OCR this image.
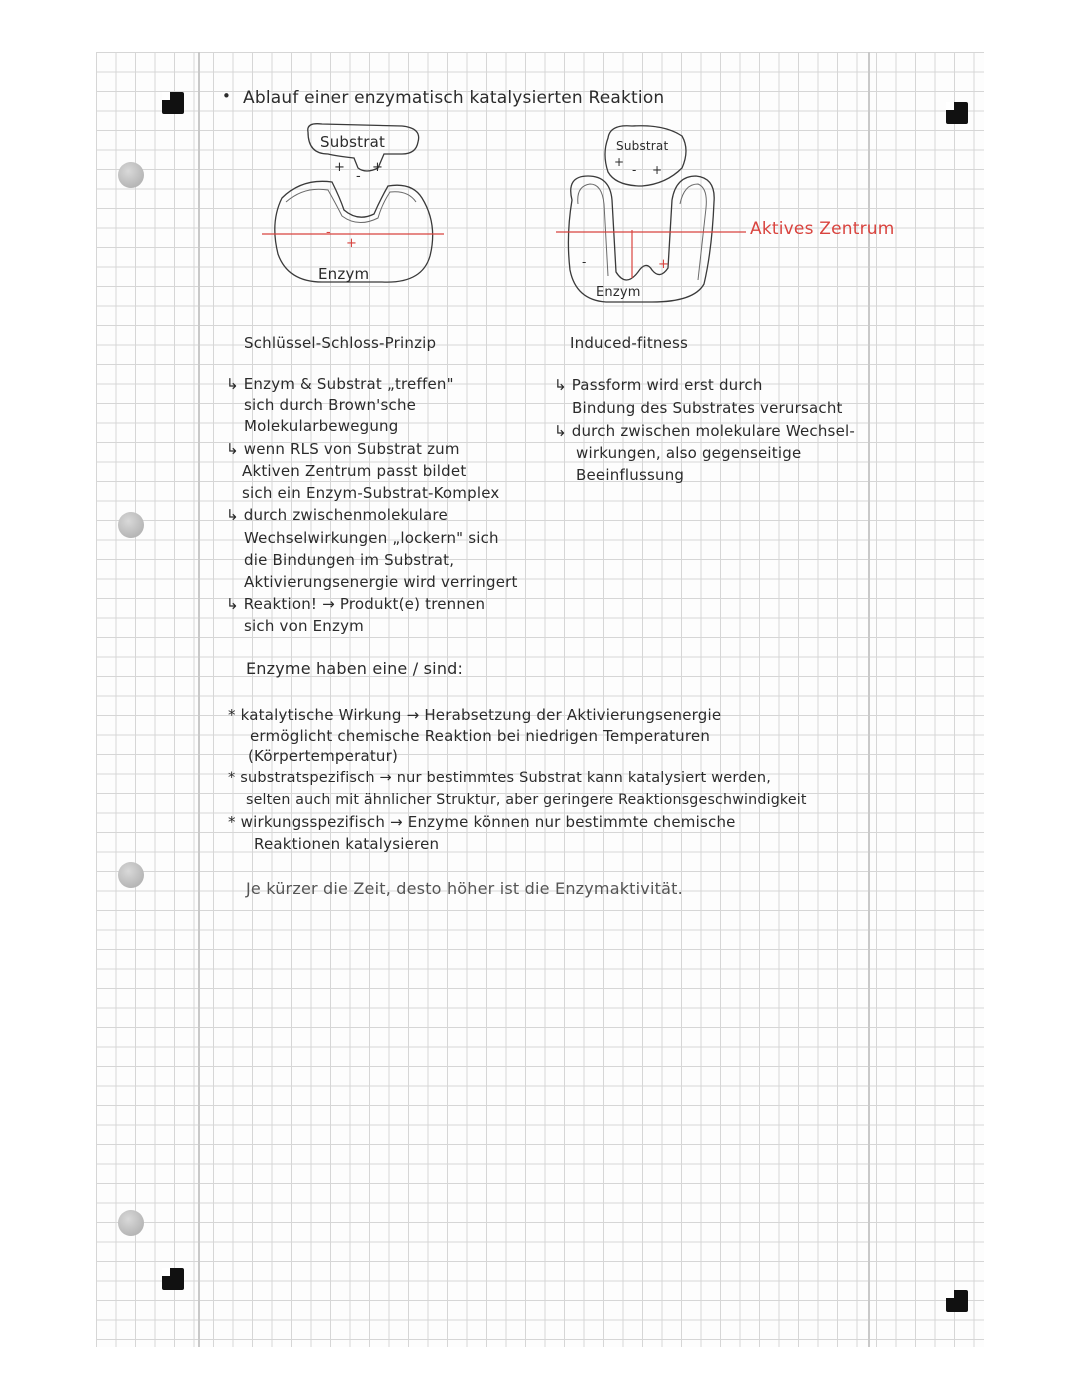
• Ablauf einer enzymatisch katalysierten Reaktion
Substrat
+
-
+
-
+
Enzym
Substrat
+
- +
-	+
Enzym
Aktives Zentrum
Schlüssel-Schloss-Prinzip	Induced-fitness
↳ Enzym & Substrat „treffen"
sich durch Brown'sche
Molekularbewegung
↳ wenn RLS von Substrat zum
Aktiven Zentrum passt bildet
sich ein Enzym-Substrat-Komplex
↳ durch zwischenmolekulare
Wechselwirkungen „lockern" sich
die Bindungen im Substrat,
Aktivierungsenergie wird verringert
↳ Reaktion! → Produkt(e) trennen
sich von Enzym
↳ Passform wird erst durch
Bindung des Substrates verursacht
↳ durch zwischen molekulare Wechsel-
wirkungen, also gegenseitige
Beeinflussung
Enzyme haben eine / sind:
* katalytische Wirkung → Herabsetzung der Aktivierungsenergie
ermöglicht chemische Reaktion bei niedrigen Temperaturen
(Körpertemperatur)
* substratspezifisch → nur bestimmtes Substrat kann katalysiert werden,
selten auch mit ähnlicher Struktur, aber geringere Reaktionsgeschwindigkeit
* wirkungsspezifisch → Enzyme können nur bestimmte chemische
Reaktionen katalysieren
Je kürzer die Zeit, desto höher ist die Enzymaktivität.
